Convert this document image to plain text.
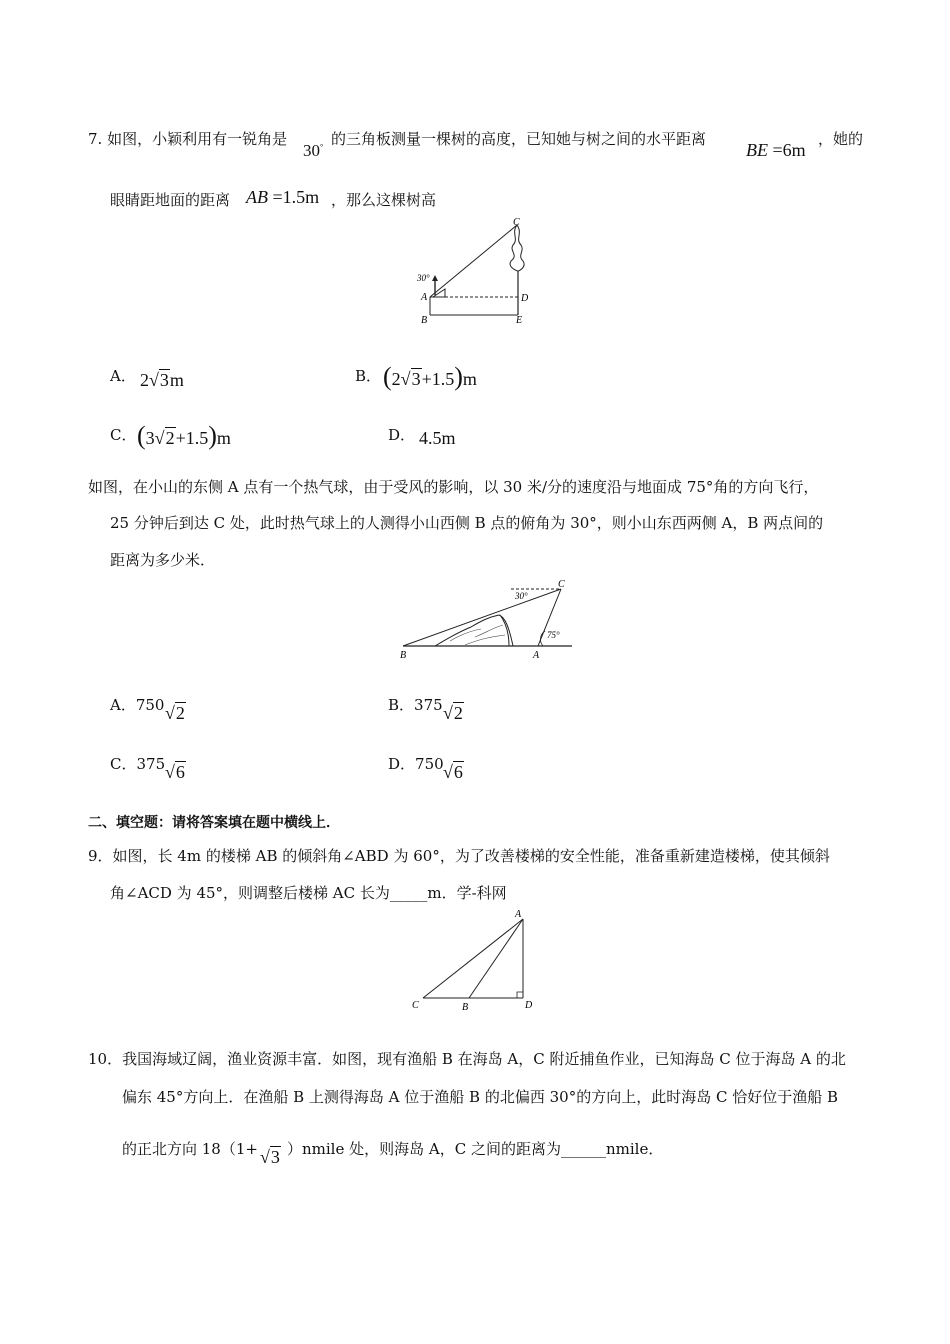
7. 如图，小颖利用有一锐角是
30° 的三角板测量一棵树的高度，已知她与树之间的水平距离
BE =6m
，她的
眼睛距地面的距离 AB =1.5m ，那么这棵树高
30°
A
B
C
D
E
A． 2√3m	B． (2√3+1.5)m
C． (3√2+1.5)m	D． 4.5m
如图，在小山的东侧 A 点有一个热气球，由于受风的影响，以 30 米/分的速度沿与地面成 75°角的方向飞行，
25 分钟后到达 C 处，此时热气球上的人测得小山西侧 B 点的俯角为 30°，则小山东西两侧 A，B 两点间的
距离为多少米．
30°
75°
A
B
C
A．750 √2	B．375 √2
C．375 √6	D．750 √6
二、填空题：请将答案填在题中横线上．
9．如图，长 4m 的楼梯 AB 的倾斜角∠ABD 为 60°，为了改善楼梯的安全性能，准备重新建造楼梯，使其倾斜
角∠ACD 为 45°，则调整后楼梯 AC 长为_____m．学-科网
A
B
C	D
10．我国海域辽阔，渔业资源丰富．如图，现有渔船 B 在海岛 A，C 附近捕鱼作业，已知海岛 C 位于海岛 A 的北
偏东 45°方向上．在渔船 B 上测得海岛 A 位于渔船 B 的北偏西 30°的方向上，此时海岛 C 恰好位于渔船 B
的正北方向 18（1+ √3 ）nmile 处，则海岛 A，C 之间的距离为______nmile．
